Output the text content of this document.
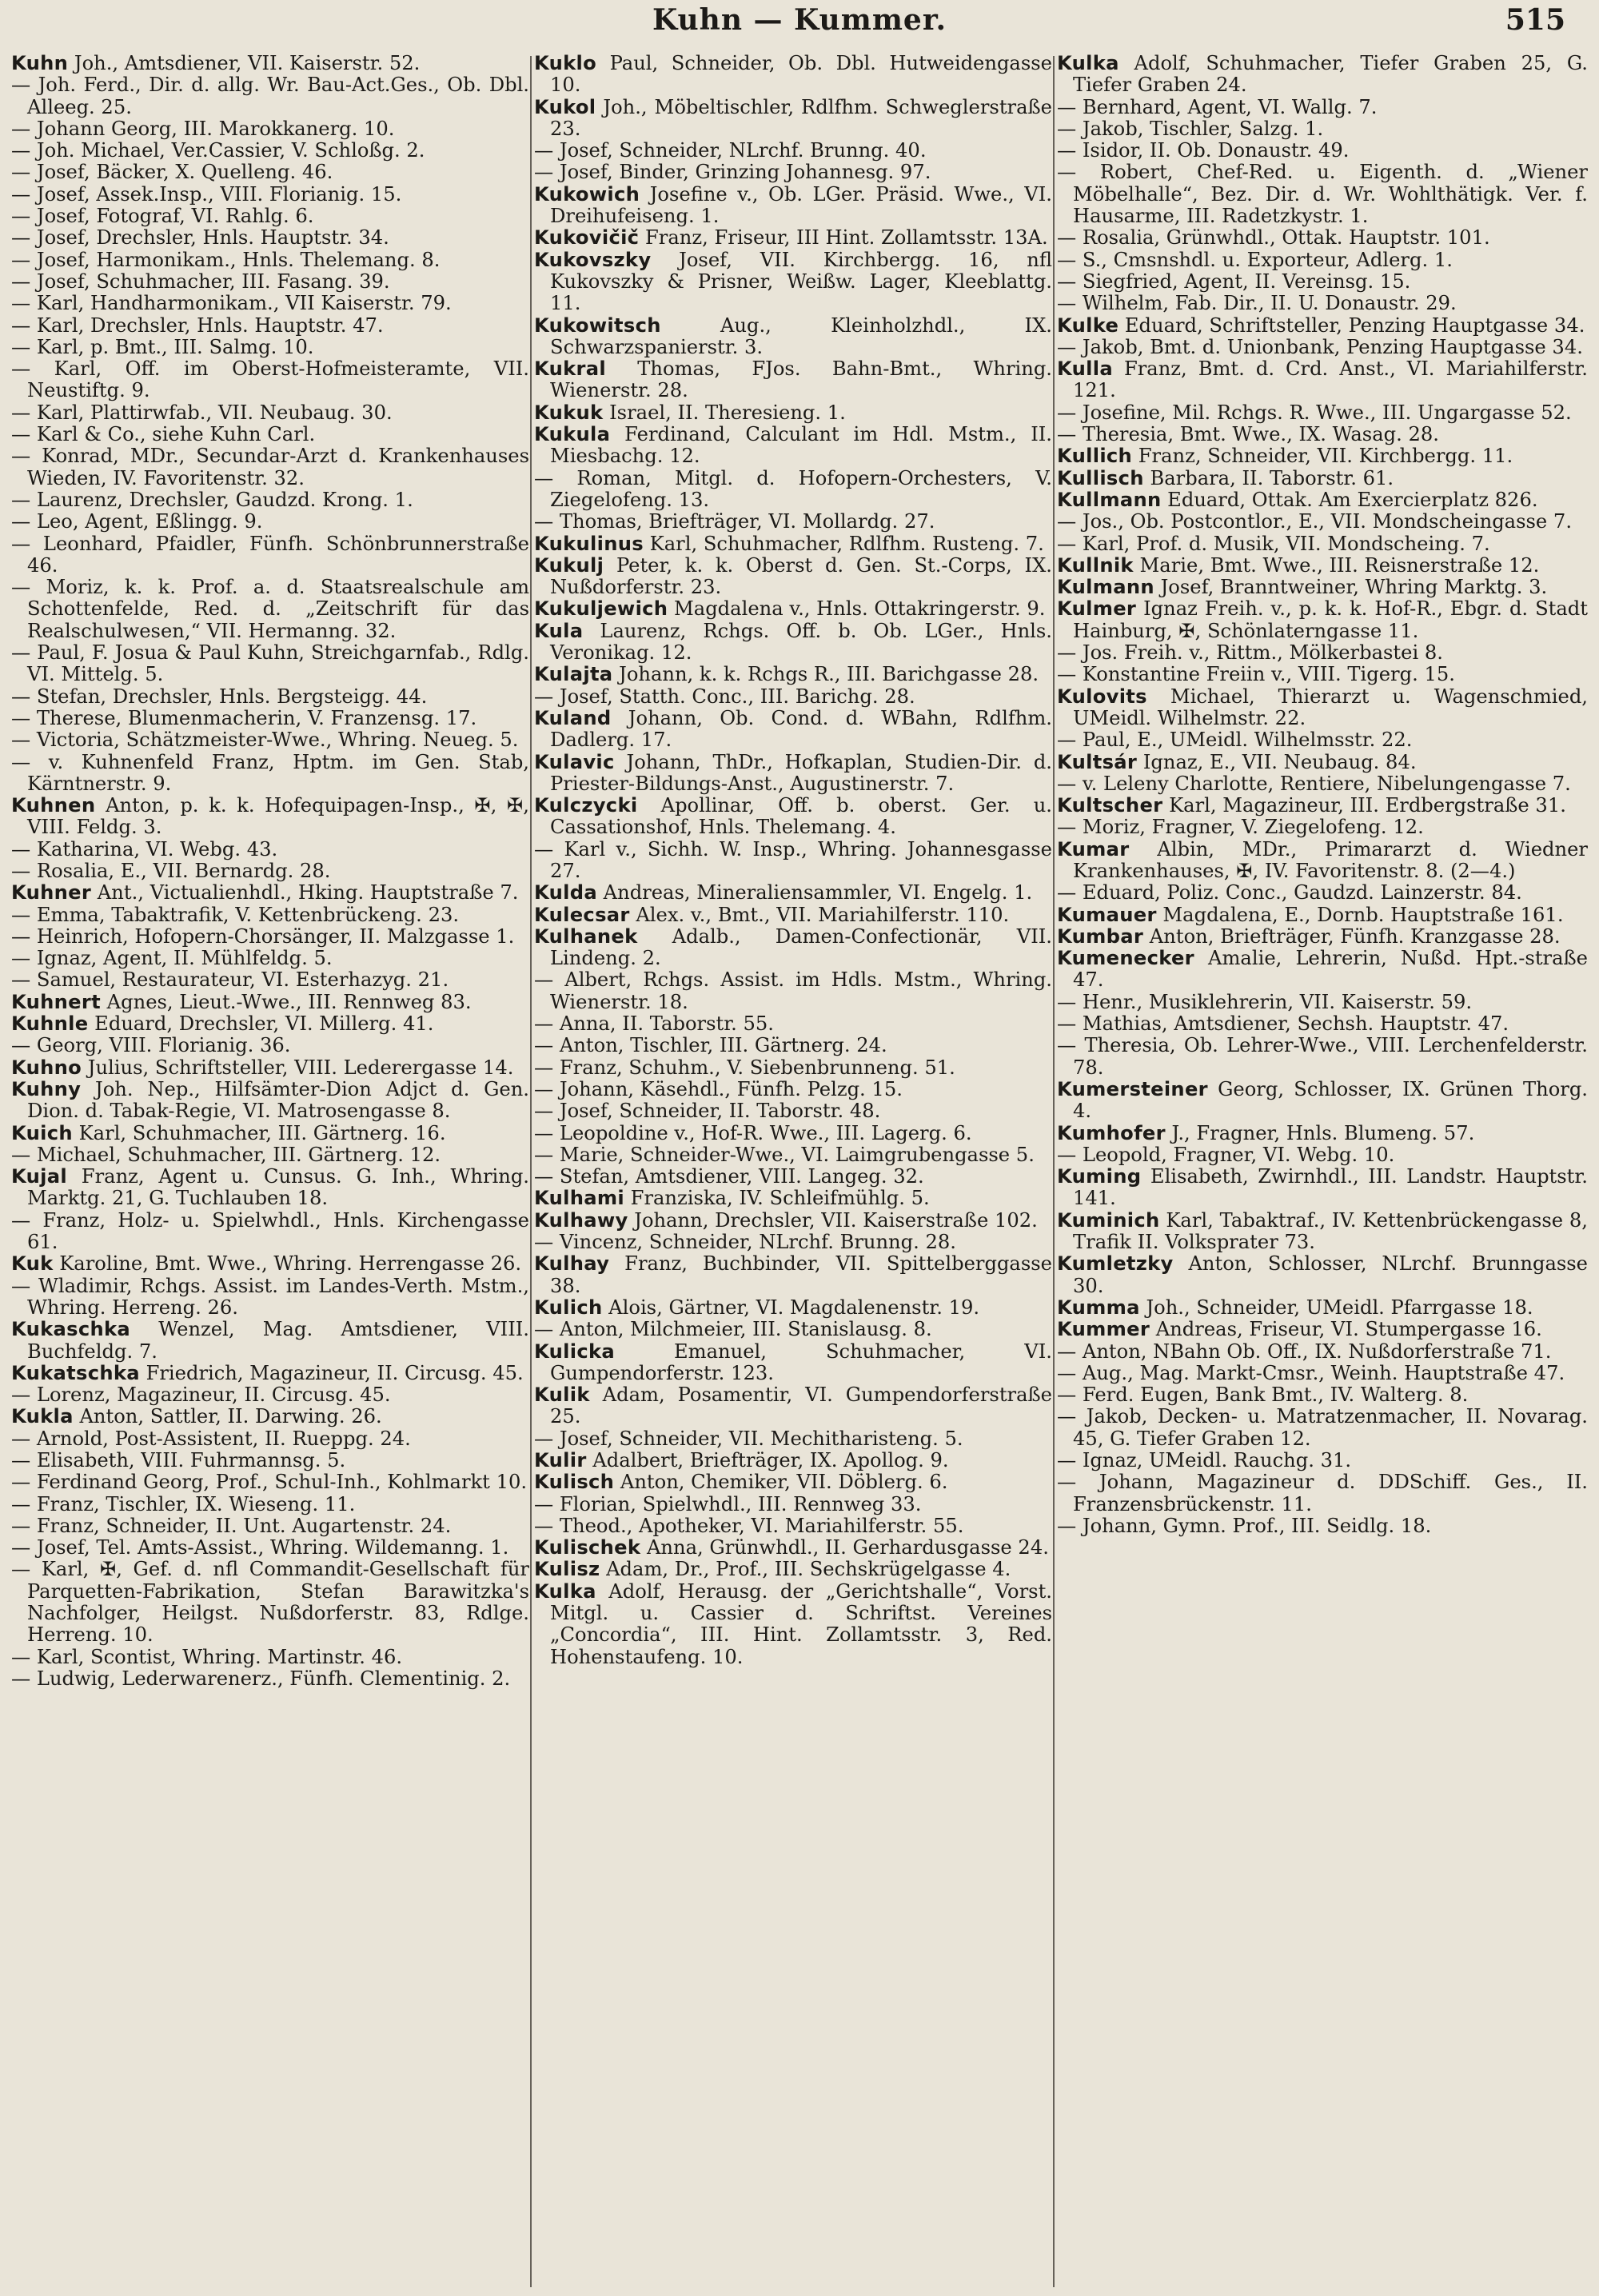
Kuhn — Kummer.	515

Kuhn Joh., Amtsdiener, VII. Kaiserstr. 52.

— Joh. Ferd., Dir. d. allg. Wr. Bau-Act.Ges., Ob. Dbl. Alleeg. 25.

— Johann Georg, III. Marokkanerg. 10.

— Joh. Michael, Ver.Cassier, V. Schloßg. 2.

— Josef, Bäcker, X. Quelleng. 46.

— Josef, Assek.Insp., VIII. Florianig. 15.

— Josef, Fotograf, VI. Rahlg. 6.

— Josef, Drechsler, Hnls. Hauptstr. 34.

— Josef, Harmonikam., Hnls. Thelemang. 8.

— Josef, Schuhmacher, III. Fasang. 39.

— Karl, Handharmonikam., VII Kaiserstr. 79.

— Karl, Drechsler, Hnls. Hauptstr. 47.

— Karl, p. Bmt., III. Salmg. 10.

— Karl, Off. im Oberst-Hofmeisteramte, VII. Neustiftg. 9.

— Karl, Plattirwfab., VII. Neubaug. 30.

— Karl & Co., siehe Kuhn Carl.

— Konrad, MDr., Secundar-Arzt d. Krankenhauses Wieden, IV. Favoritenstr. 32.

— Laurenz, Drechsler, Gaudzd. Krong. 1.

— Leo, Agent, Eßlingg. 9.

— Leonhard, Pfaidler, Fünfh. Schönbrunnerstraße 46.

— Moriz, k. k. Prof. a. d. Staatsrealschule am Schottenfelde, Red. d. „Zeitschrift für das Realschulwesen,“ VII. Hermanng. 32.

— Paul, F. Josua & Paul Kuhn, Streichgarnfab., Rdlg. VI. Mittelg. 5.

— Stefan, Drechsler, Hnls. Bergsteigg. 44.

— Therese, Blumenmacherin, V. Franzensg. 17.

— Victoria, Schätzmeister-Wwe., Whring. Neueg. 5.

— v. Kuhnenfeld Franz, Hptm. im Gen. Stab, Kärntnerstr. 9.

Kuhnen Anton, p. k. k. Hofequipagen-Insp., ✠, ✠, VIII. Feldg. 3.

— Katharina, VI. Webg. 43.

— Rosalia, E., VII. Bernardg. 28.

Kuhner Ant., Victualienhdl., Hking. Hauptstraße 7.

— Emma, Tabaktrafik, V. Kettenbrückeng. 23.

— Heinrich, Hofopern-Chorsänger, II. Malzgasse 1.

— Ignaz, Agent, II. Mühlfeldg. 5.

— Samuel, Restaurateur, VI. Esterhazyg. 21.

Kuhnert Agnes, Lieut.-Wwe., III. Rennweg 83.

Kuhnle Eduard, Drechsler, VI. Millerg. 41.

— Georg, VIII. Florianig. 36.

Kuhno Julius, Schriftsteller, VIII. Lederergasse 14.

Kuhny Joh. Nep., Hilfsämter-Dion Adjct d. Gen. Dion. d. Tabak-Regie, VI. Matrosengasse 8.

Kuich Karl, Schuhmacher, III. Gärtnerg. 16.

— Michael, Schuhmacher, III. Gärtnerg. 12.

Kujal Franz, Agent u. Cunsus. G. Inh., Whring. Marktg. 21, G. Tuchlauben 18.

— Franz, Holz- u. Spielwhdl., Hnls. Kirchengasse 61.

Kuk Karoline, Bmt. Wwe., Whring. Herrengasse 26.

— Wladimir, Rchgs. Assist. im Landes-Verth. Mstm., Whring. Herreng. 26.

Kukaschka Wenzel, Mag. Amtsdiener, VIII. Buchfeldg. 7.

Kukatschka Friedrich, Magazineur, II. Circusg. 45.

— Lorenz, Magazineur, II. Circusg. 45.

Kukla Anton, Sattler, II. Darwing. 26.

— Arnold, Post-Assistent, II. Rueppg. 24.

— Elisabeth, VIII. Fuhrmannsg. 5.

— Ferdinand Georg, Prof., Schul-Inh., Kohlmarkt 10.

— Franz, Tischler, IX. Wieseng. 11.

— Franz, Schneider, II. Unt. Augartenstr. 24.

— Josef, Tel. Amts-Assist., Whring. Wildemanng. 1.

— Karl, ✠, Gef. d. nfl Commandit-Gesellschaft für Parquetten-Fabrikation, Stefan Barawitzka's Nachfolger, Heilgst. Nußdorferstr. 83, Rdlge. Herreng. 10.

— Karl, Scontist, Whring. Martinstr. 46.

— Ludwig, Lederwarenerz., Fünfh. Clementinig. 2.

Kuklo Paul, Schneider, Ob. Dbl. Hutweidengasse 10.

Kukol Joh., Möbeltischler, Rdlfhm. Schweglerstraße 23.

— Josef, Schneider, NLrchf. Brunng. 40.

— Josef, Binder, Grinzing Johannesg. 97.

Kukowich Josefine v., Ob. LGer. Präsid. Wwe., VI. Dreihufeiseng. 1.

Kukovičič Franz, Friseur, III Hint. Zollamtsstr. 13A.

Kukovszky Josef, VII. Kirchbergg. 16, nfl Kukovszky & Prisner, Weißw. Lager, Kleeblattg. 11.

Kukowitsch Aug., Kleinholzhdl., IX. Schwarzspanierstr. 3.

Kukral Thomas, FJos. Bahn-Bmt., Whring. Wienerstr. 28.

Kukuk Israel, II. Theresieng. 1.

Kukula Ferdinand, Calculant im Hdl. Mstm., II. Miesbachg. 12.

— Roman, Mitgl. d. Hofopern-Orchesters, V. Ziegelofeng. 13.

— Thomas, Briefträger, VI. Mollardg. 27.

Kukulinus Karl, Schuhmacher, Rdlfhm. Rusteng. 7.

Kukulj Peter, k. k. Oberst d. Gen. St.-Corps, IX. Nußdorferstr. 23.

Kukuljewich Magdalena v., Hnls. Ottakringerstr. 9.

Kula Laurenz, Rchgs. Off. b. Ob. LGer., Hnls. Veronikag. 12.

Kulajta Johann, k. k. Rchgs R., III. Barichgasse 28.

— Josef, Statth. Conc., III. Barichg. 28.

Kuland Johann, Ob. Cond. d. WBahn, Rdlfhm. Dadlerg. 17.

Kulavic Johann, ThDr., Hofkaplan, Studien-Dir. d. Priester-Bildungs-Anst., Augustinerstr. 7.

Kulczycki Apollinar, Off. b. oberst. Ger. u. Cassationshof, Hnls. Thelemang. 4.

— Karl v., Sichh. W. Insp., Whring. Johannesgasse 27.

Kulda Andreas, Mineraliensammler, VI. Engelg. 1.

Kulecsar Alex. v., Bmt., VII. Mariahilferstr. 110.

Kulhanek Adalb., Damen-Confectionär, VII. Lindeng. 2.

— Albert, Rchgs. Assist. im Hdls. Mstm., Whring. Wienerstr. 18.

— Anna, II. Taborstr. 55.

— Anton, Tischler, III. Gärtnerg. 24.

— Franz, Schuhm., V. Siebenbrunneng. 51.

— Johann, Käsehdl., Fünfh. Pelzg. 15.

— Josef, Schneider, II. Taborstr. 48.

— Leopoldine v., Hof-R. Wwe., III. Lagerg. 6.

— Marie, Schneider-Wwe., VI. Laimgrubengasse 5.

— Stefan, Amtsdiener, VIII. Langeg. 32.

Kulhami Franziska, IV. Schleifmühlg. 5.

Kulhawy Johann, Drechsler, VII. Kaiserstraße 102.

— Vincenz, Schneider, NLrchf. Brunng. 28.

Kulhay Franz, Buchbinder, VII. Spittelberggasse 38.

Kulich Alois, Gärtner, VI. Magdalenenstr. 19.

— Anton, Milchmeier, III. Stanislausg. 8.

Kulicka Emanuel, Schuhmacher, VI. Gumpendorferstr. 123.

Kulik Adam, Posamentir, VI. Gumpendorferstraße 25.

— Josef, Schneider, VII. Mechitharisteng. 5.

Kulir Adalbert, Briefträger, IX. Apollog. 9.

Kulisch Anton, Chemiker, VII. Döblerg. 6.

— Florian, Spielwhdl., III. Rennweg 33.

— Theod., Apotheker, VI. Mariahilferstr. 55.

Kulischek Anna, Grünwhdl., II. Gerhardusgasse 24.

Kulisz Adam, Dr., Prof., III. Sechskrügelgasse 4.

Kulka Adolf, Herausg. der „Gerichtshalle“, Vorst. Mitgl. u. Cassier d. Schriftst. Vereines „Concordia“, III. Hint. Zollamtsstr. 3, Red. Hohenstaufeng. 10.

Kulka Adolf, Schuhmacher, Tiefer Graben 25, G. Tiefer Graben 24.

— Bernhard, Agent, VI. Wallg. 7.

— Jakob, Tischler, Salzg. 1.

— Isidor, II. Ob. Donaustr. 49.

— Robert, Chef-Red. u. Eigenth. d. „Wiener Möbelhalle“, Bez. Dir. d. Wr. Wohlthätigk. Ver. f. Hausarme, III. Radetzkystr. 1.

— Rosalia, Grünwhdl., Ottak. Hauptstr. 101.

— S., Cmsnshdl. u. Exporteur, Adlerg. 1.

— Siegfried, Agent, II. Vereinsg. 15.

— Wilhelm, Fab. Dir., II. U. Donaustr. 29.

Kulke Eduard, Schriftsteller, Penzing Hauptgasse 34.

— Jakob, Bmt. d. Unionbank, Penzing Hauptgasse 34.

Kulla Franz, Bmt. d. Crd. Anst., VI. Mariahilferstr. 121.

— Josefine, Mil. Rchgs. R. Wwe., III. Ungargasse 52.

— Theresia, Bmt. Wwe., IX. Wasag. 28.

Kullich Franz, Schneider, VII. Kirchbergg. 11.

Kullisch Barbara, II. Taborstr. 61.

Kullmann Eduard, Ottak. Am Exercierplatz 826.

— Jos., Ob. Postcontlor., E., VII. Mondscheingasse 7.

— Karl, Prof. d. Musik, VII. Mondscheing. 7.

Kullnik Marie, Bmt. Wwe., III. Reisnerstraße 12.

Kulmann Josef, Branntweiner, Whring Marktg. 3.

Kulmer Ignaz Freih. v., p. k. k. Hof-R., Ebgr. d. Stadt Hainburg, ✠, Schönlaterngasse 11.

— Jos. Freih. v., Rittm., Mölkerbastei 8.

— Konstantine Freiin v., VIII. Tigerg. 15.

Kulovits Michael, Thierarzt u. Wagenschmied, UMeidl. Wilhelmstr. 22.

— Paul, E., UMeidl. Wilhelmsstr. 22.

Kultsár Ignaz, E., VII. Neubaug. 84.

— v. Leleny Charlotte, Rentiere, Nibelungengasse 7.

Kultscher Karl, Magazineur, III. Erdbergstraße 31.

— Moriz, Fragner, V. Ziegelofeng. 12.

Kumar Albin, MDr., Primararzt d. Wiedner Krankenhauses, ✠, IV. Favoritenstr. 8. (2—4.)

— Eduard, Poliz. Conc., Gaudzd. Lainzerstr. 84.

Kumauer Magdalena, E., Dornb. Hauptstraße 161.

Kumbar Anton, Briefträger, Fünfh. Kranzgasse 28.

Kumenecker Amalie, Lehrerin, Nußd. Hpt.-straße 47.

— Henr., Musiklehrerin, VII. Kaiserstr. 59.

— Mathias, Amtsdiener, Sechsh. Hauptstr. 47.

— Theresia, Ob. Lehrer-Wwe., VIII. Lerchenfelderstr. 78.

Kumersteiner Georg, Schlosser, IX. Grünen Thorg. 4.

Kumhofer J., Fragner, Hnls. Blumeng. 57.

— Leopold, Fragner, VI. Webg. 10.

Kuming Elisabeth, Zwirnhdl., III. Landstr. Hauptstr. 141.

Kuminich Karl, Tabaktraf., IV. Kettenbrückengasse 8, Trafik II. Volksprater 73.

Kumletzky Anton, Schlosser, NLrchf. Brunngasse 30.

Kumma Joh., Schneider, UMeidl. Pfarrgasse 18.

Kummer Andreas, Friseur, VI. Stumpergasse 16.

— Anton, NBahn Ob. Off., IX. Nußdorferstraße 71.

— Aug., Mag. Markt-Cmsr., Weinh. Hauptstraße 47.

— Ferd. Eugen, Bank Bmt., IV. Walterg. 8.

— Jakob, Decken- u. Matratzenmacher, II. Novarag. 45, G. Tiefer Graben 12.

— Ignaz, UMeidl. Rauchg. 31.

— Johann, Magazineur d. DDSchiff. Ges., II. Franzensbrückenstr. 11.

— Johann, Gymn. Prof., III. Seidlg. 18.
